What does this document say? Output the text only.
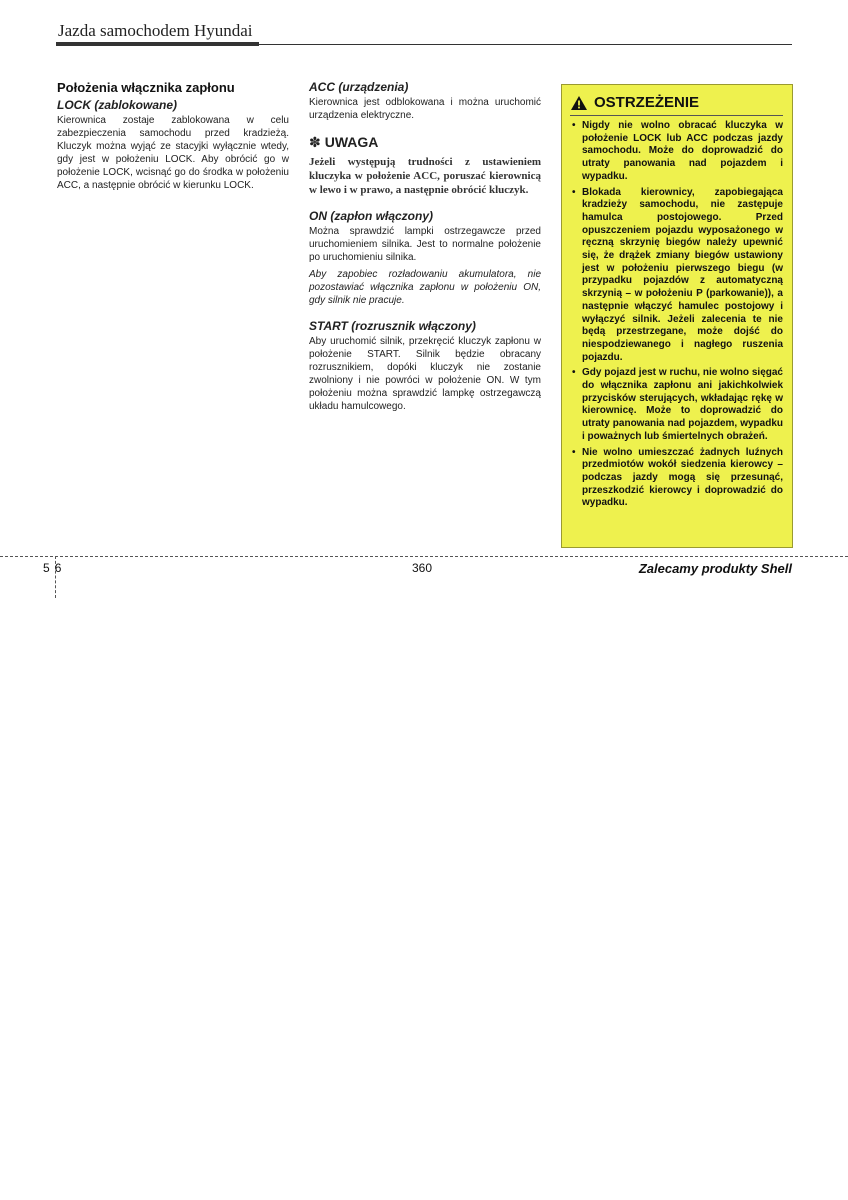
Jazda samochodem Hyundai
Położenia włącznika zapłonu
LOCK (zablokowane)

Kierownica zostaje zablokowana w celu zabezpieczenia samochodu przed kradzieżą. Kluczyk można wyjąć ze stacyjki wyłącznie wtedy, gdy jest w położeniu LOCK. Aby obrócić go w położenie LOCK, wcisnąć go do środka w położeniu ACC, a następnie obrócić w kierunku LOCK.

ACC (urządzenia)

Kierownica jest odblokowana i można uruchomić urządzenia elektryczne.

✽ UWAGA

Jeżeli występują trudności z ustawieniem kluczyka w położenie ACC, poruszać kierownicą w lewo i w prawo, a następnie obrócić kluczyk.

ON (zapłon włączony)

Można sprawdzić lampki ostrzegawcze przed uruchomieniem silnika. Jest to normalne położenie po uruchomieniu silnika.

Aby zapobiec rozładowaniu akumulatora, nie pozostawiać włącznika zapłonu w położeniu ON, gdy silnik nie pracuje.

START (rozrusznik włączony)

Aby uruchomić silnik, przekręcić kluczyk zapłonu w położenie START. Silnik będzie obracany rozrusznikiem, dopóki kluczyk nie zostanie zwolniony i nie powróci w położenie ON. W tym położeniu można sprawdzić lampkę ostrzegawczą układu hamulcowego.

OSTRZEŻENIE
• Nigdy nie wolno obracać kluczyka w położenie LOCK lub ACC podczas jazdy samochodu. Może do doprowadzić do utraty panowania nad pojazdem i wypadku.
• Blokada kierownicy, zapobiegająca kradzieży samochodu, nie zastępuje hamulca postojowego. Przed opuszczeniem pojazdu wyposażonego w ręczną skrzynię biegów należy upewnić się, że drążek zmiany biegów ustawiony jest w położeniu pierwszego biegu (w przypadku pojazdów z automatyczną skrzynią – w położeniu P (parkowanie)), a następnie włączyć hamulec postojowy i wyłączyć silnik. Jeżeli zalecenia te nie będą przestrzegane, może dojść do niespodziewanego i nagłego ruszenia pojazdu.
• Gdy pojazd jest w ruchu, nie wolno sięgać do włącznika zapłonu ani jakichkolwiek przycisków sterujących, wkładając rękę w kierownicę. Może to doprowadzić do utraty panowania nad pojazdem, wypadku i poważnych lub śmiertelnych obrażeń.
• Nie wolno umieszczać żadnych luźnych przedmiotów wokół siedzenia kierowcy – podczas jazdy mogą się przesunąć, przeszkodzić kierowcy i doprowadzić do wypadku.
5 6	360	Zalecamy produkty Shell
